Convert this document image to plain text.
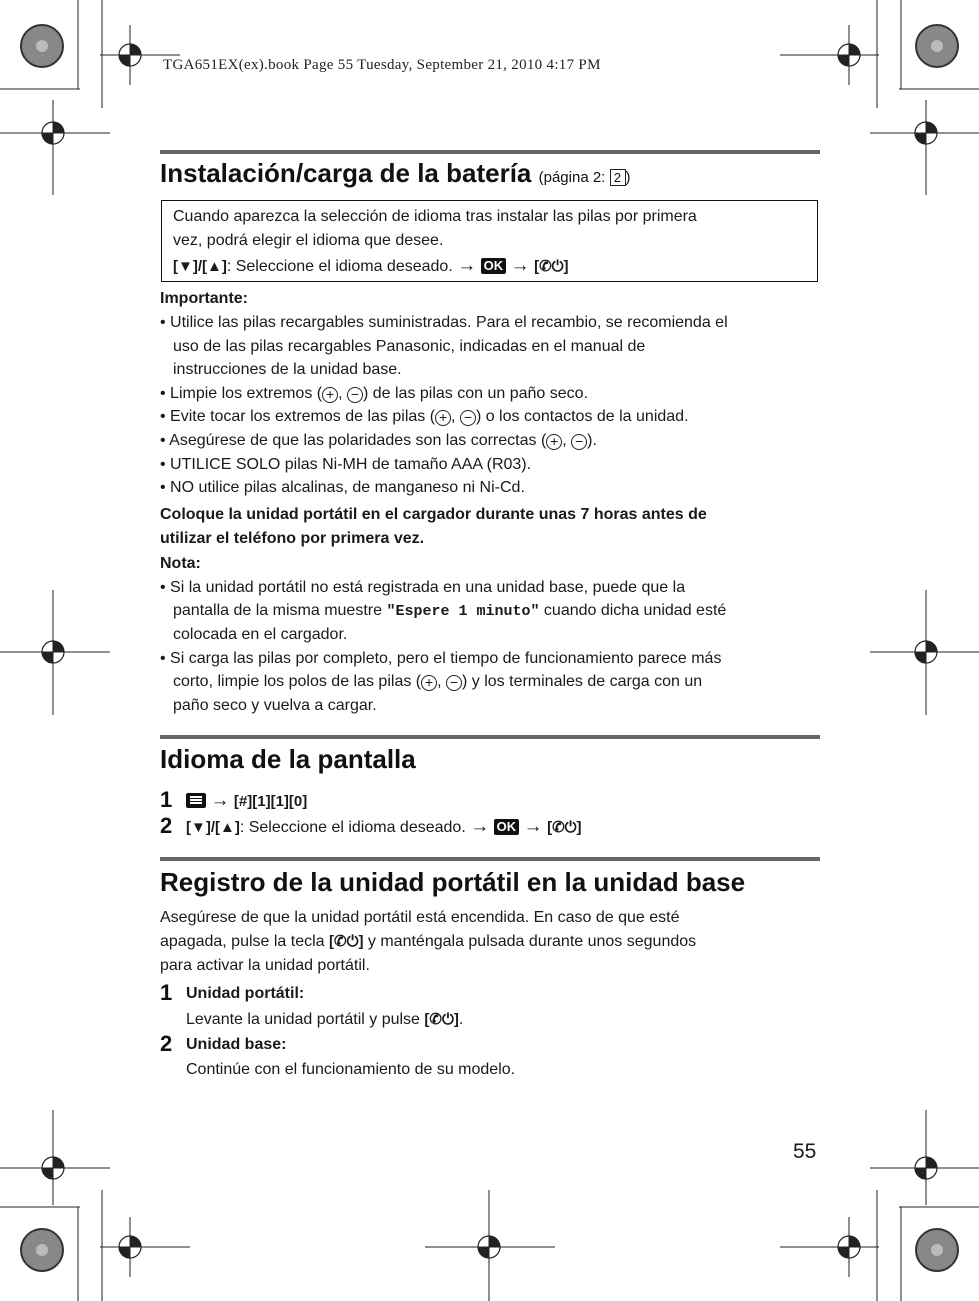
TGA651EX(ex).book Page 55 Tuesday, September 21, 2010 4:17 PM
Instalación/carga de la batería (página 2: 2 )
Cuando aparezca la selección de idioma tras instalar las pilas por primera
vez, podrá elegir el idioma que desee.
[▼]/[▲]: Seleccione el idioma deseado. → OK → [✆⏻]
Importante:
• Utilice las pilas recargables suministradas. Para el recambio, se recomienda el
uso de las pilas recargables Panasonic, indicadas en el manual de
instrucciones de la unidad base.
• Limpie los extremos ( + , − ) de las pilas con un paño seco.
• Evite tocar los extremos de las pilas ( + , − ) o los contactos de la unidad.
• Asegúrese de que las polaridades son las correctas ( + , − ).
• UTILICE SOLO pilas Ni-MH de tamaño AAA (R03).
• NO utilice pilas alcalinas, de manganeso ni Ni-Cd.
Coloque la unidad portátil en el cargador durante unas 7 horas antes de
utilizar el teléfono por primera vez.
Nota:
• Si la unidad portátil no está registrada en una unidad base, puede que la
pantalla de la misma muestre "Espere 1 minuto" cuando dicha unidad esté
colocada en el cargador.
• Si carga las pilas por completo, pero el tiempo de funcionamiento parece más
corto, limpie los polos de las pilas ( + , − ) y los terminales de carga con un
paño seco y vuelva a cargar.
Idioma de la pantalla
1	→ [#][1][1][0]
2 [▼]/[▲]: Seleccione el idioma deseado. → OK → [✆⏻]
Registro de la unidad portátil en la unidad base
Asegúrese de que la unidad portátil está encendida. En caso de que esté
apagada, pulse la tecla [✆⏻] y manténgala pulsada durante unos segundos
para activar la unidad portátil.
1 Unidad portátil:
Levante la unidad portátil y pulse [✆⏻].
2 Unidad base:
Continúe con el funcionamiento de su modelo.
55
